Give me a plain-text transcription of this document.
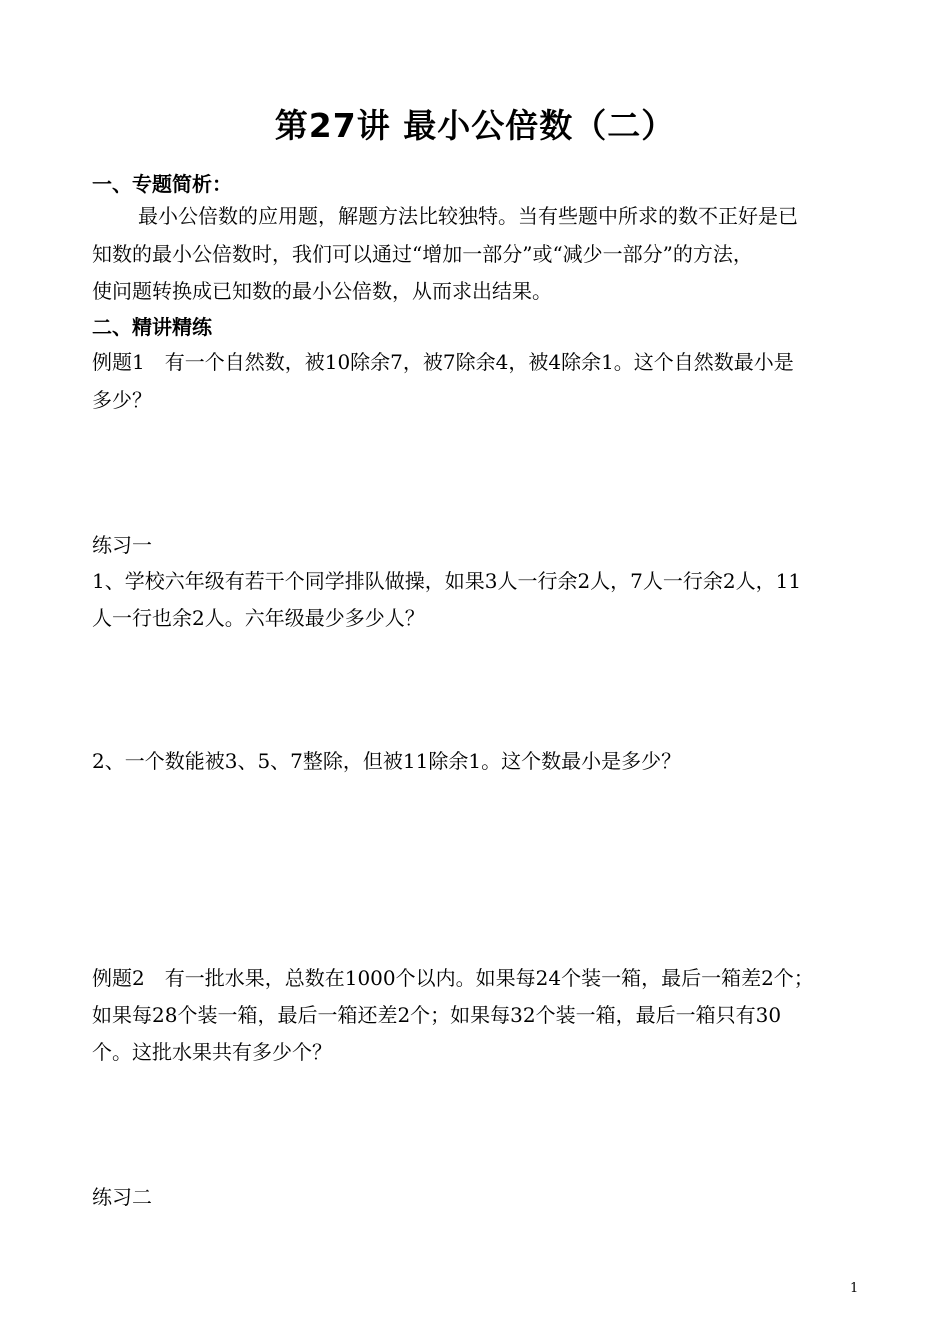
第27讲 最小公倍数（二）
一、专题简析：
最小公倍数的应用题，解题方法比较独特。当有些题中所求的数不正好是已
知数的最小公倍数时，我们可以通过“增加一部分”或“减少一部分”的方法，
使问题转换成已知数的最小公倍数，从而求出结果。
二、精讲精练
例题1　有一个自然数，被10除余7，被7除余4，被4除余1。这个自然数最小是
多少？
练习一
1、学校六年级有若干个同学排队做操，如果3人一行余2人，7人一行余2人，11
人一行也余2人。六年级最少多少人？
2、一个数能被3、5、7整除，但被11除余1。这个数最小是多少？
例题2　有一批水果，总数在1000个以内。如果每24个装一箱，最后一箱差2个；
如果每28个装一箱，最后一箱还差2个；如果每32个装一箱，最后一箱只有30
个。这批水果共有多少个？
练习二
1
